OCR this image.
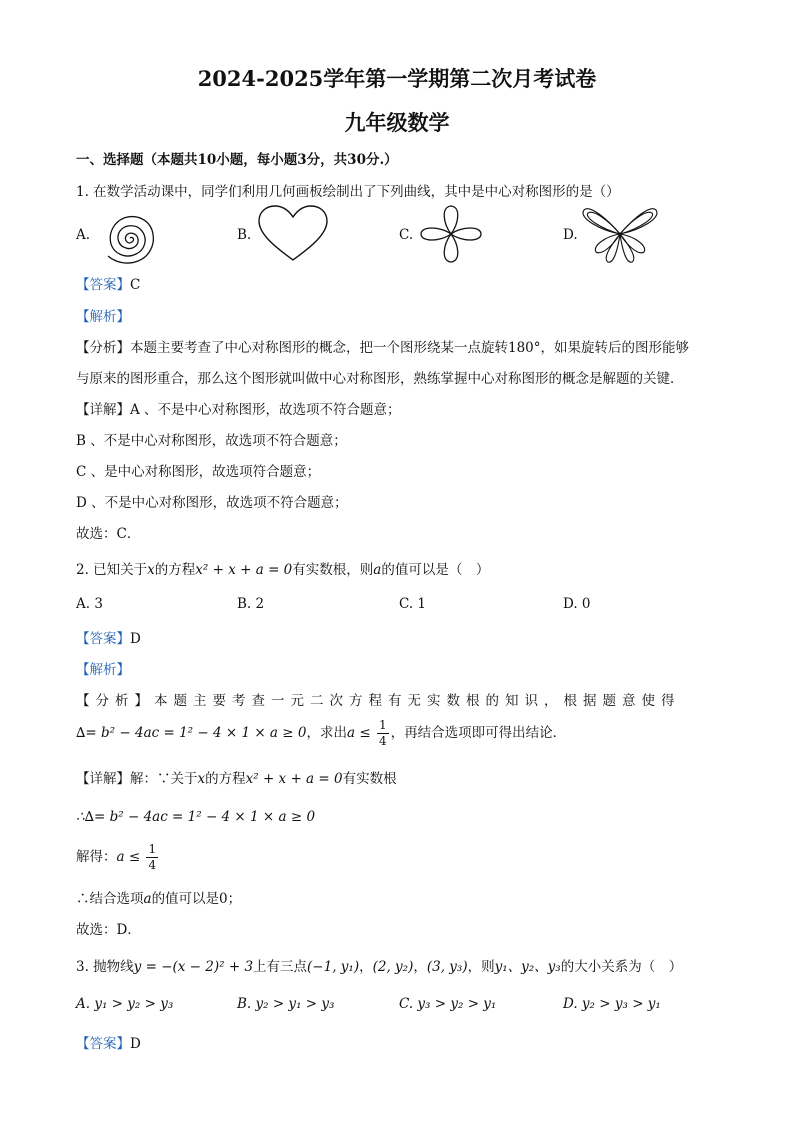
2024-2025学年第一学期第二次月考试卷
九年级数学
一、选择题（本题共10小题，每小题3分，共30分.）
1. 在数学活动课中，同学们利用几何画板绘制出了下列曲线，其中是中心对称图形的是（）
A.	B.	C.	D.
【答案】C
【解析】
【分析】本题主要考查了中心对称图形的概念，把一个图形绕某一点旋转180°，如果旋转后的图形能够
与原来的图形重合，那么这个图形就叫做中心对称图形，熟练掌握中心对称图形的概念是解题的关键．
【详解】A 、不是中心对称图形，故选项不符合题意；
B 、不是中心对称图形，故选项不符合题意；
C 、是中心对称图形，故选项符合题意；
D 、不是中心对称图形，故选项不符合题意；
故选：C．
2. 已知关于x的方程x² + x + a = 0有实数根，则a的值可以是（　）
A. 3	B. 2	C. 1	D. 0
【答案】D
【解析】
【分析】本题主要考查一元二次方程有无实数根的知识，根据题意使得
∆= b² − 4ac = 1² − 4 × 1 × a ≥ 0，求出$a \le \frac{1}{4}$ ，再结合选项即可得出结论．
【详解】解：∵关于x的方程x² + x + a = 0有实数根
∴∆= b² − 4ac = 1² − 4 × 1 × a ≥ 0
解得：$a \le \frac{1}{4}$
∴结合选项a的值可以是0；
故选：D．
3. 抛物线y = −(x − 2)² + 3上有三点(−1, y₁)，(2, y₂)，(3, y₃)，则y₁、y₂、y₃的大小关系为（　）
A. y₁ > y₂ > y₃	B. y₂ > y₁ > y₃	C. y₃ > y₂ > y₁	D. y₂ > y₃ > y₁
【答案】D
